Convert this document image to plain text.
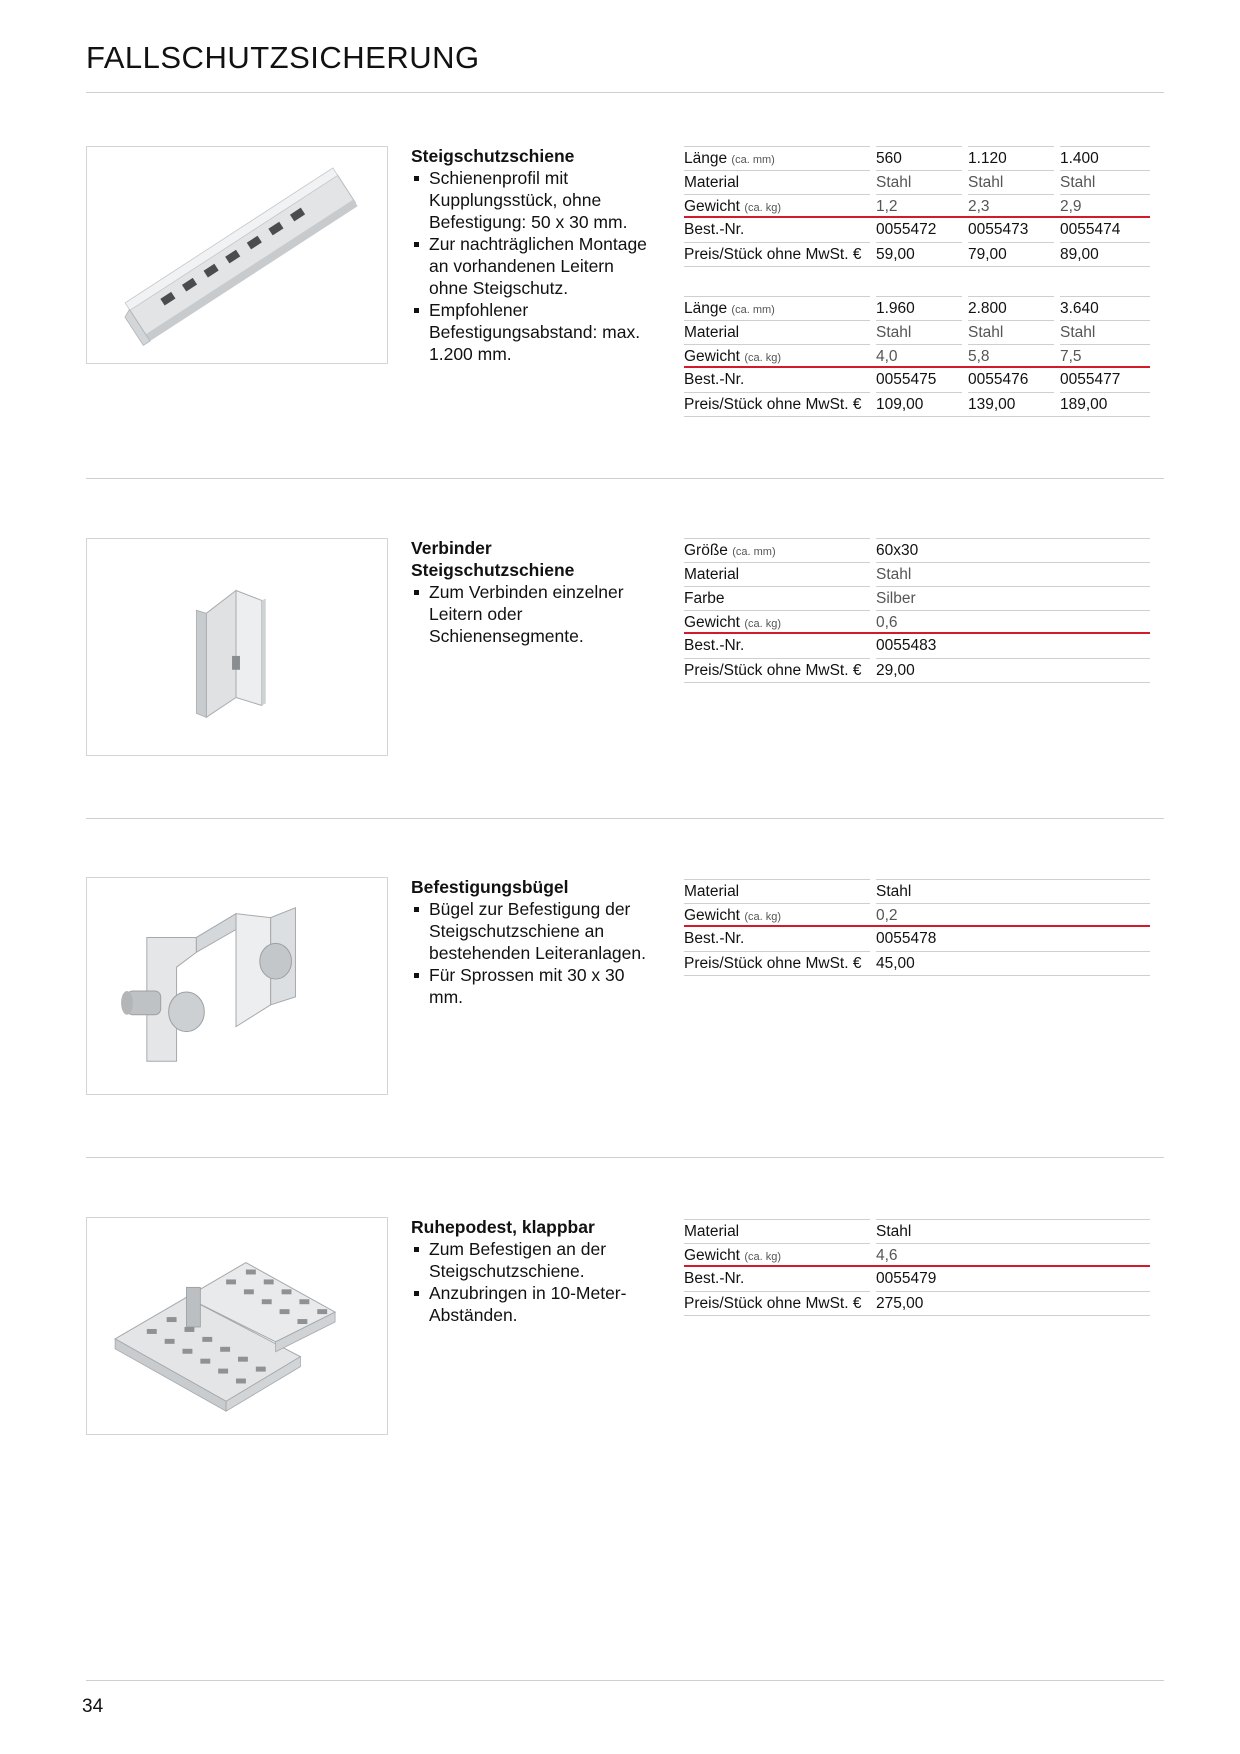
FALLSCHUTZSICHERUNG
Steigschutzschiene
Schienenprofil mit Kupplungsstück, ohne Befestigung: 50 x 30 mm.
Zur nachträglichen Montage an vorhandenen Leitern ohne Steigschutz.
Empfohlener Befestigungsabstand: max. 1.200 mm.
Länge (ca. mm)	560	1.120	1.400
Material	Stahl	Stahl	Stahl
Gewicht (ca. kg)	1,2	2,3	2,9
Best.-Nr.	0055472	0055473	0055474
Preis/Stück ohne MwSt. € 59,00	79,00	89,00
Länge (ca. mm)	1.960	2.800	3.640
Material	Stahl	Stahl	Stahl
Gewicht (ca. kg)	4,0	5,8	7,5
Best.-Nr.	0055475	0055476	0055477
Preis/Stück ohne MwSt. € 109,00	139,00	189,00
Verbinder Steigschutzschiene
Zum Verbinden einzelner Leitern oder Schienensegmente.
Größe (ca. mm)	60x30
Material	Stahl
Farbe	Silber
Gewicht (ca. kg)	0,6
Best.-Nr.	0055483
Preis/Stück ohne MwSt. € 29,00
Befestigungsbügel
Bügel zur Befestigung der Steigschutzschiene an bestehenden Leiteranlagen.
Für Sprossen mit 30 x 30 mm.
Material	Stahl
Gewicht (ca. kg)	0,2
Best.-Nr.	0055478
Preis/Stück ohne MwSt. € 45,00
Ruhepodest, klappbar
Zum Befestigen an der Steigschutzschiene.
Anzubringen in 10-Meter-Abständen.
Material	Stahl
Gewicht (ca. kg)	4,6
Best.-Nr.	0055479
Preis/Stück ohne MwSt. € 275,00
34
